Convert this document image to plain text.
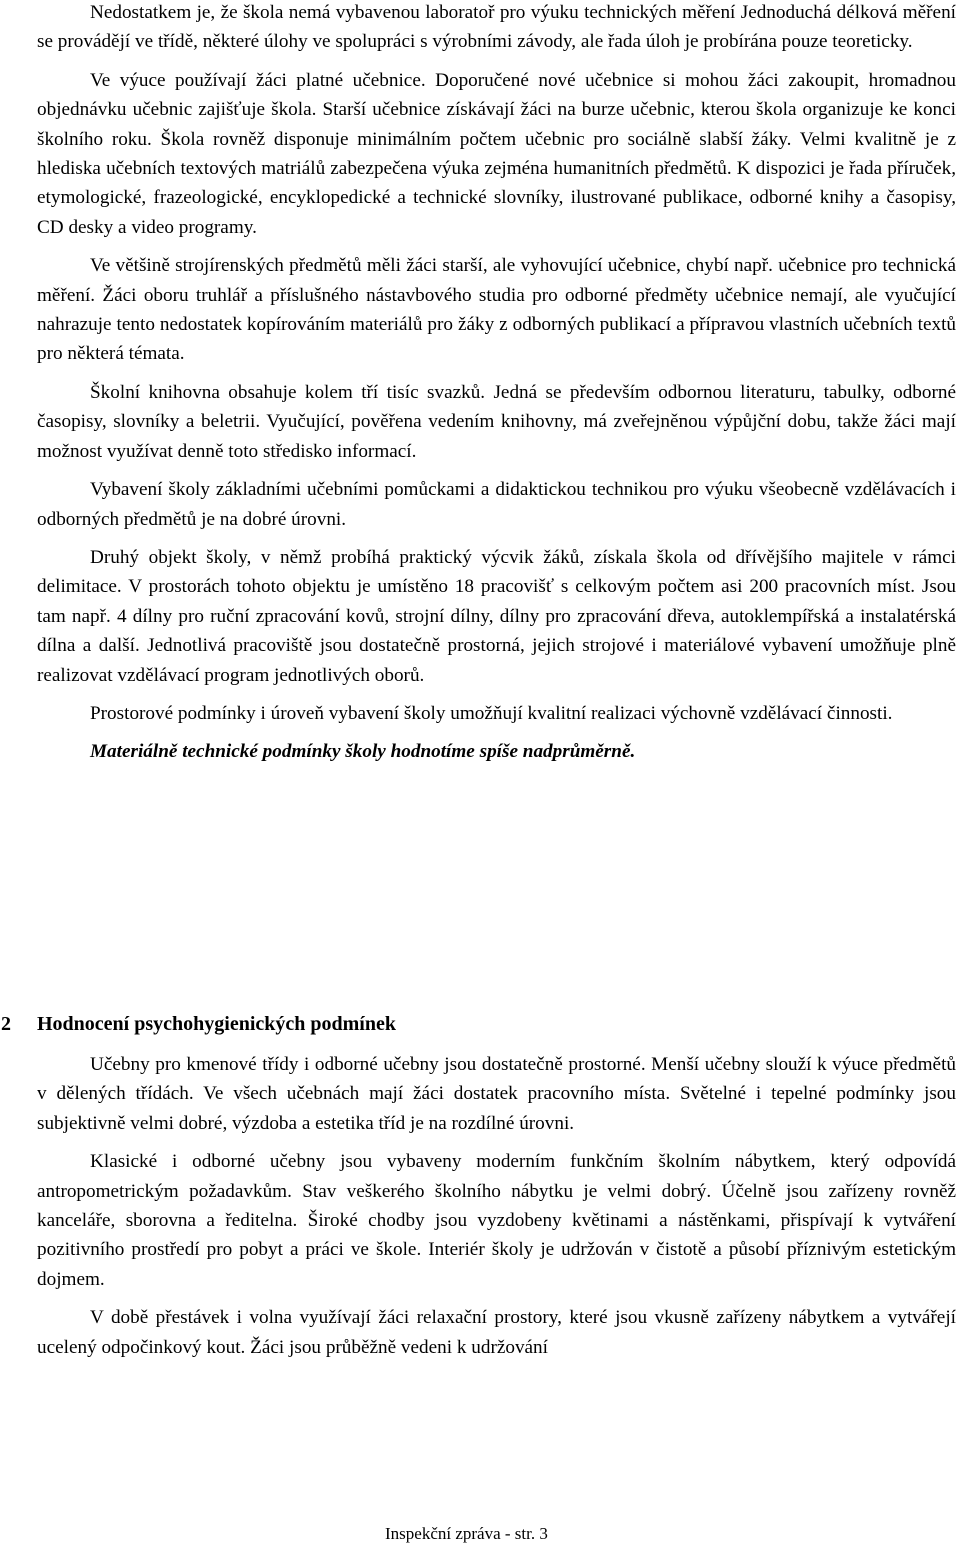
Nedostatkem je, že škola nemá vybavenou laboratoř pro výuku technických měření Jednoduchá délková měření se provádějí ve třídě, některé úlohy ve spolupráci s výrobními závody, ale řada úloh je probírána pouze teoreticky.

Ve výuce používají žáci platné učebnice. Doporučené nové učebnice si mohou žáci zakoupit, hromadnou objednávku učebnic zajišťuje škola. Starší učebnice získávají žáci na burze učebnic, kterou škola organizuje ke konci školního roku. Škola rovněž disponuje minimálním počtem učebnic pro sociálně slabší žáky. Velmi kvalitně je z hlediska učebních textových matriálů zabezpečena výuka zejména humanitních předmětů. K dispozici je řada příruček, etymologické, frazeologické, encyklopedické a technické slovníky, ilustrované publikace, odborné knihy a časopisy, CD desky a video programy.

Ve většině strojírenských předmětů měli žáci starší, ale vyhovující učebnice, chybí např. učebnice pro technická měření. Žáci oboru truhlář a příslušného nástavbového studia pro odborné předměty učebnice nemají, ale vyučující nahrazuje tento nedostatek kopírováním materiálů pro žáky z odborných publikací a přípravou vlastních učebních textů pro některá témata.

Školní knihovna obsahuje kolem tří tisíc svazků. Jedná se především odbornou literaturu, tabulky, odborné časopisy, slovníky a beletrii. Vyučující, pověřena vedením knihovny, má zveřejněnou výpůjční dobu, takže žáci mají možnost využívat denně toto středisko informací.

Vybavení školy základními učebními pomůckami a didaktickou technikou pro výuku všeobecně vzdělávacích i odborných předmětů je na dobré úrovni.

Druhý objekt školy, v němž probíhá praktický výcvik žáků, získala škola od dřívějšího majitele v rámci delimitace. V prostorách tohoto objektu je umístěno 18 pracovišť s celkovým počtem asi 200 pracovních míst. Jsou tam např. 4 dílny pro ruční zpracování kovů, strojní dílny, dílny pro zpracování dřeva, autoklempířská a instalatérská dílna a další. Jednotlivá pracoviště jsou dostatečně prostorná, jejich strojové i materiálové vybavení umožňuje plně realizovat vzdělávací program jednotlivých oborů.

Prostorové podmínky i úroveň vybavení školy umožňují kvalitní realizaci výchovně vzdělávací činnosti.

Materiálně technické podmínky školy hodnotíme spíše nadprůměrně.

2 Hodnocení psychohygienických podmínek

Učebny pro kmenové třídy i odborné učebny jsou dostatečně prostorné. Menší učebny slouží k výuce předmětů v dělených třídách. Ve všech učebnách mají žáci dostatek pracovního místa. Světelné i tepelné podmínky jsou subjektivně velmi dobré, výzdoba a estetika tříd je na rozdílné úrovni.

Klasické i odborné učebny jsou vybaveny moderním funkčním školním nábytkem, který odpovídá antropometrickým požadavkům. Stav veškerého školního nábytku je velmi dobrý. Účelně jsou zařízeny rovněž kanceláře, sborovna a ředitelna. Široké chodby jsou vyzdobeny květinami a nástěnkami, přispívají k vytváření pozitivního prostředí pro pobyt a práci ve škole. Interiér školy je udržován v čistotě a působí příznivým estetickým dojmem.

V době přestávek i volna využívají žáci relaxační prostory, které jsou vkusně zařízeny nábytkem a vytvářejí ucelený odpočinkový kout. Žáci jsou průběžně vedeni k udržování

Inspekční zpráva - str. 3
